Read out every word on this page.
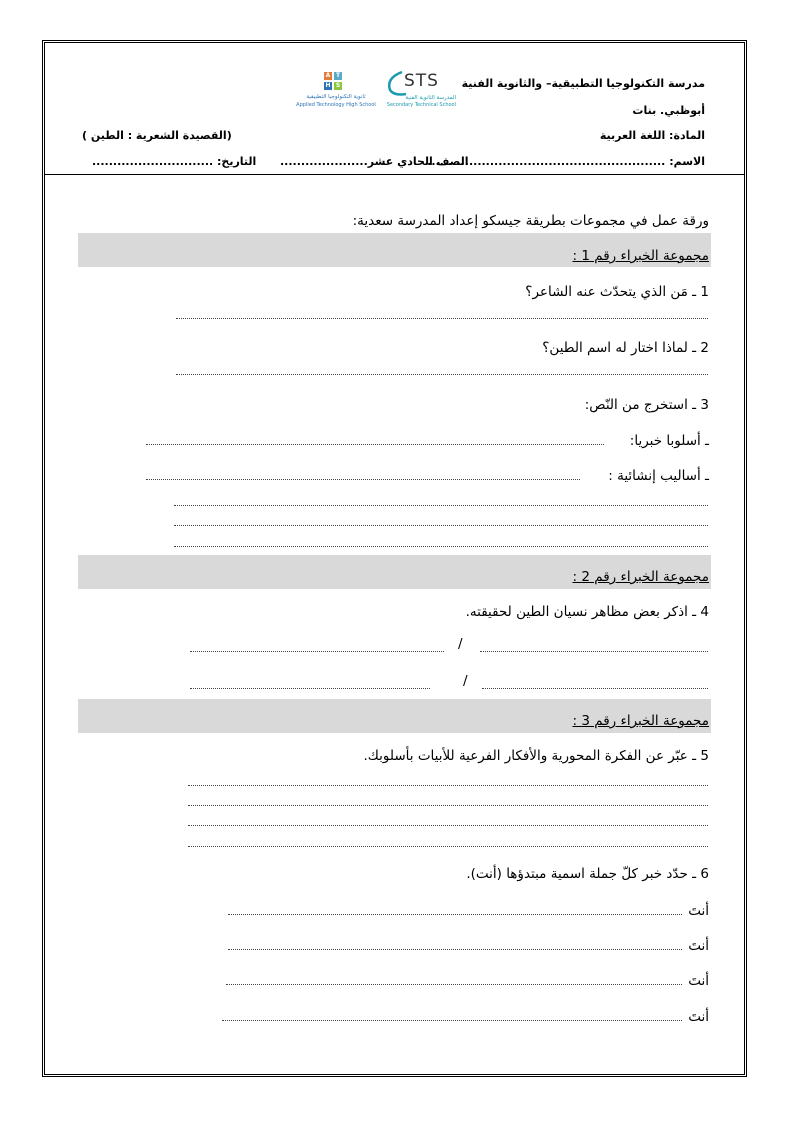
مدرسة التكنولوجيا التطبيقية– والثانوية الفنية
أبوظبي. بنات
المادة: اللغة العربية
(القصيدة الشعرية : الطين )
الاسم: .........................................................
الصف الحادي عشر.....................
التاريخ: .............................
STS
المدرسة الثانوية الفنية
Secondary Technical School
A T
H S
ثانوية التكنولوجيا التطبيقية
Applied Technology High School
ورقة عمل في مجموعات بطريقة جيسكو إعداد المدرسة سعدية:
مجموعة الخبراء رقم 1 :
1 ـ مَن الذي يتحدّث عنه الشاعر؟
2 ـ لماذا اختار له اسم الطين؟
3 ـ استخرج من النّص:
ـ أسلوبا خبريا:
ـ أساليب إنشائية :
مجموعة الخبراء رقم 2 :
4 ـ اذكر بعض مظاهر نسيان الطين لحقيقته.
/
/
مجموعة الخبراء رقم 3 :
5 ـ عبّر عن الفكرة المحورية والأفكار الفرعية للأبيات بأسلوبك.
6 ـ حدّد خبر كلّ جملة اسمية مبتدؤها (أنت).
أنتَ
أنتَ
أنتَ
أنتَ
